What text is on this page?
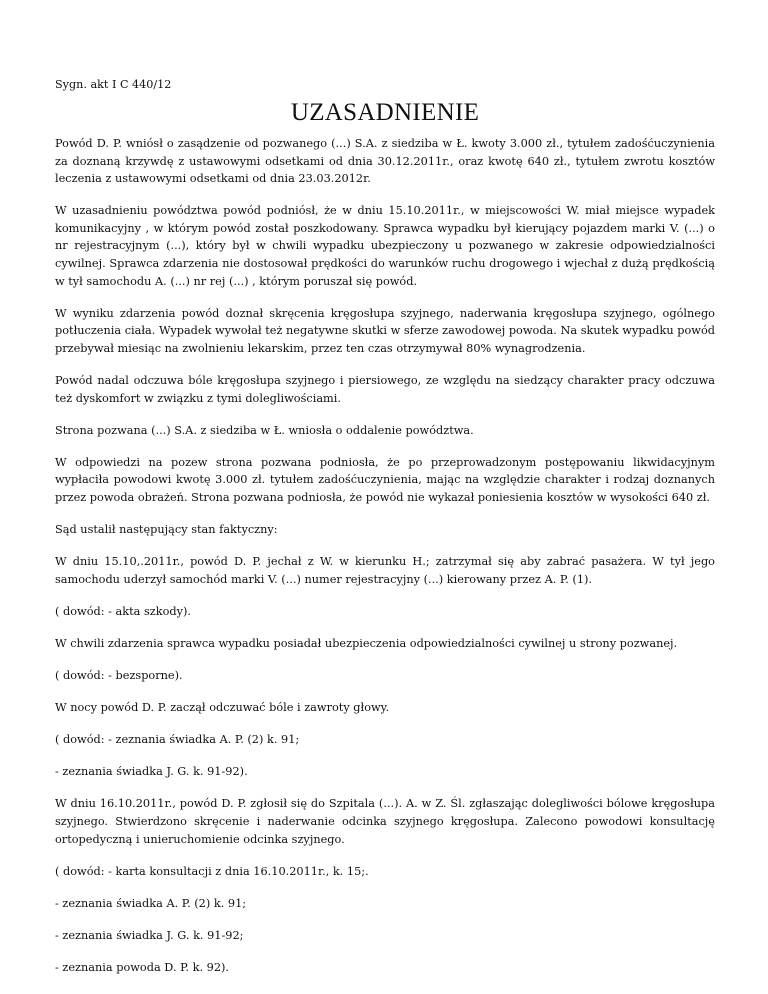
Sygn. akt I C 440/12
UZASADNIENIE

Powód D. P. wniósł o zasądzenie od pozwanego (...) S.A. z siedziba w Ł. kwoty 3.000 zł., tytułem zadośćuczynienia za doznaną krzywdę z ustawowymi odsetkami od dnia 30.12.2011r., oraz kwotę 640 zł., tytułem zwrotu kosztów leczenia z ustawowymi odsetkami od dnia 23.03.2012r.

W uzasadnieniu powództwa powód podniósł, że w dniu 15.10.2011r., w miejscowości W. miał miejsce wypadek komunikacyjny , w którym powód został poszkodowany. Sprawca wypadku był kierujący pojazdem marki V. (...) o nr rejestracyjnym (...), który był w chwili wypadku ubezpieczony u pozwanego w zakresie odpowiedzialności cywilnej. Sprawca zdarzenia nie dostosował prędkości do warunków ruchu drogowego i wjechał z dużą prędkością w tył samochodu A. (...) nr rej (...) , którym poruszał się powód.

W wyniku zdarzenia powód doznał skręcenia kręgosłupa szyjnego, naderwania kręgosłupa szyjnego, ogólnego potłuczenia ciała. Wypadek wywołał też negatywne skutki w sferze zawodowej powoda. Na skutek wypadku powód przebywał miesiąc na zwolnieniu lekarskim, przez ten czas otrzymywał 80% wynagrodzenia.

Powód nadal odczuwa bóle kręgosłupa szyjnego i piersiowego, ze względu na siedzący charakter pracy odczuwa też dyskomfort w związku z tymi dolegliwościami.

Strona pozwana (...) S.A. z siedziba w Ł. wniosła o oddalenie powództwa.

W odpowiedzi na pozew strona pozwana podniosła, że po przeprowadzonym postępowaniu likwidacyjnym wypłaciła powodowi kwotę 3.000 zł. tytułem zadośćuczynienia, mając na względzie charakter i rodzaj doznanych przez powoda obrażeń. Strona pozwana podniosła, że powód nie wykazał poniesienia kosztów w wysokości 640 zł.

Sąd ustalił następujący stan faktyczny:

W dniu 15.10,.2011r., powód D. P. jechał z W. w kierunku H.; zatrzymał się aby zabrać pasażera. W tył jego samochodu uderzył samochód marki V. (...) numer rejestracyjny (...) kierowany przez A. P. (1).

( dowód: - akta szkody).

W chwili zdarzenia sprawca wypadku posiadał ubezpieczenia odpowiedzialności cywilnej u strony pozwanej.

( dowód: - bezsporne).

W nocy powód D. P. zaczął odczuwać bóle i zawroty głowy.

( dowód: - zeznania świadka A. P. (2) k. 91;

- zeznania świadka J. G. k. 91-92).

W dniu 16.10.2011r., powód D. P. zgłosił się do Szpitala (...). A. w Z. Śl. zgłaszając dolegliwości bólowe kręgosłupa szyjnego. Stwierdzono skręcenie i naderwanie odcinka szyjnego kręgosłupa. Zalecono powodowi konsultację ortopedyczną i unieruchomienie odcinka szyjnego.

( dowód: - karta konsultacji z dnia 16.10.2011r., k. 15;.

- zeznania świadka A. P. (2) k. 91;

- zeznania świadka J. G. k. 91-92;

- zeznania powoda D. P. k. 92).
